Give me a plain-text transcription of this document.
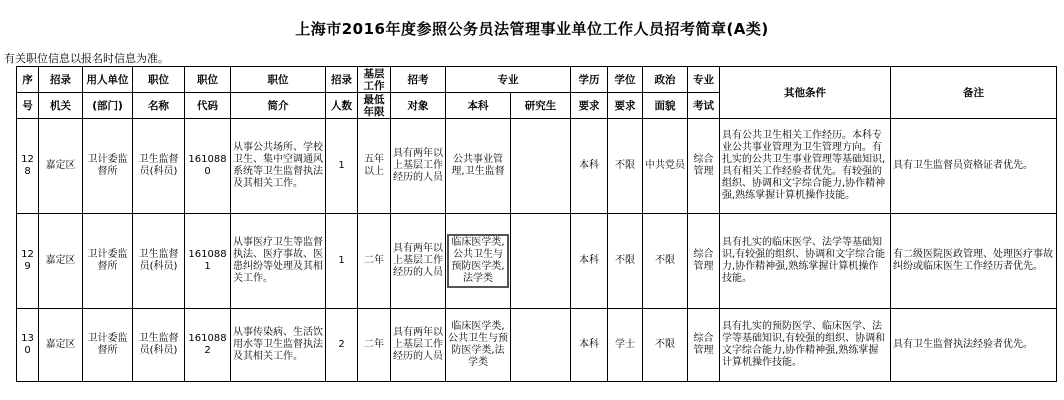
上海市2016年度参照公务员法管理事业单位工作人员招考简章(A类)
有关职位信息以报名时信息为准。
序	招录	用人单位	职位	职位	职位	招录	基层工作	招考	专业		学历	学位	政治	专业	其他条件	备注
号	机关	(部门)	名称	代码	简介	人数	最低年限	对象	本科	研究生	要求	要求	面貌	考试		
128	嘉定区	卫计委监督所	卫生监督员(科员)	1610880	从事公共场所、学校卫生、集中空调通风系统等卫生监督执法及其相关工作。	1	五年以上	具有两年以上基层工作经历的人员	公共事业管理,卫生监督		本科	不限	中共党员	综合管理	具有公共卫生相关工作经历。本科专业公共事业管理为卫生管理方向。有扎实的公共卫生事业管理等基础知识,具有相关工作经验者优先。有较强的组织、协调和文字综合能力,协作精神强,熟练掌握计算机操作技能。	具有卫生监督员资格证者优先。
129	嘉定区	卫计委监督所	卫生监督员(科员)	1610881	从事医疗卫生等监督执法、医疗事故、医患纠纷等处理及其相关工作。	1	二年	具有两年以上基层工作经历的人员	临床医学类,公共卫生与预防医学类,法学类		本科	不限	不限	综合管理	具有扎实的临床医学、法学等基础知识,有较强的组织、协调和文字综合能力,协作精神强,熟练掌握计算机操作技能。	有二级医院医政管理、处理医疗事故纠纷或临床医生工作经历者优先。
130	嘉定区	卫计委监督所	卫生监督员(科员)	1610882	从事传染病、生活饮用水等卫生监督执法及其相关工作。	2	二年	具有两年以上基层工作经历的人员	临床医学类,公共卫生与预防医学类,法学类		本科	学士	不限	综合管理	具有扎实的预防医学、临床医学、法学等基础知识,有较强的组织、协调和文字综合能力,协作精神强,熟练掌握计算机操作技能。	具有卫生监督执法经验者优先。
